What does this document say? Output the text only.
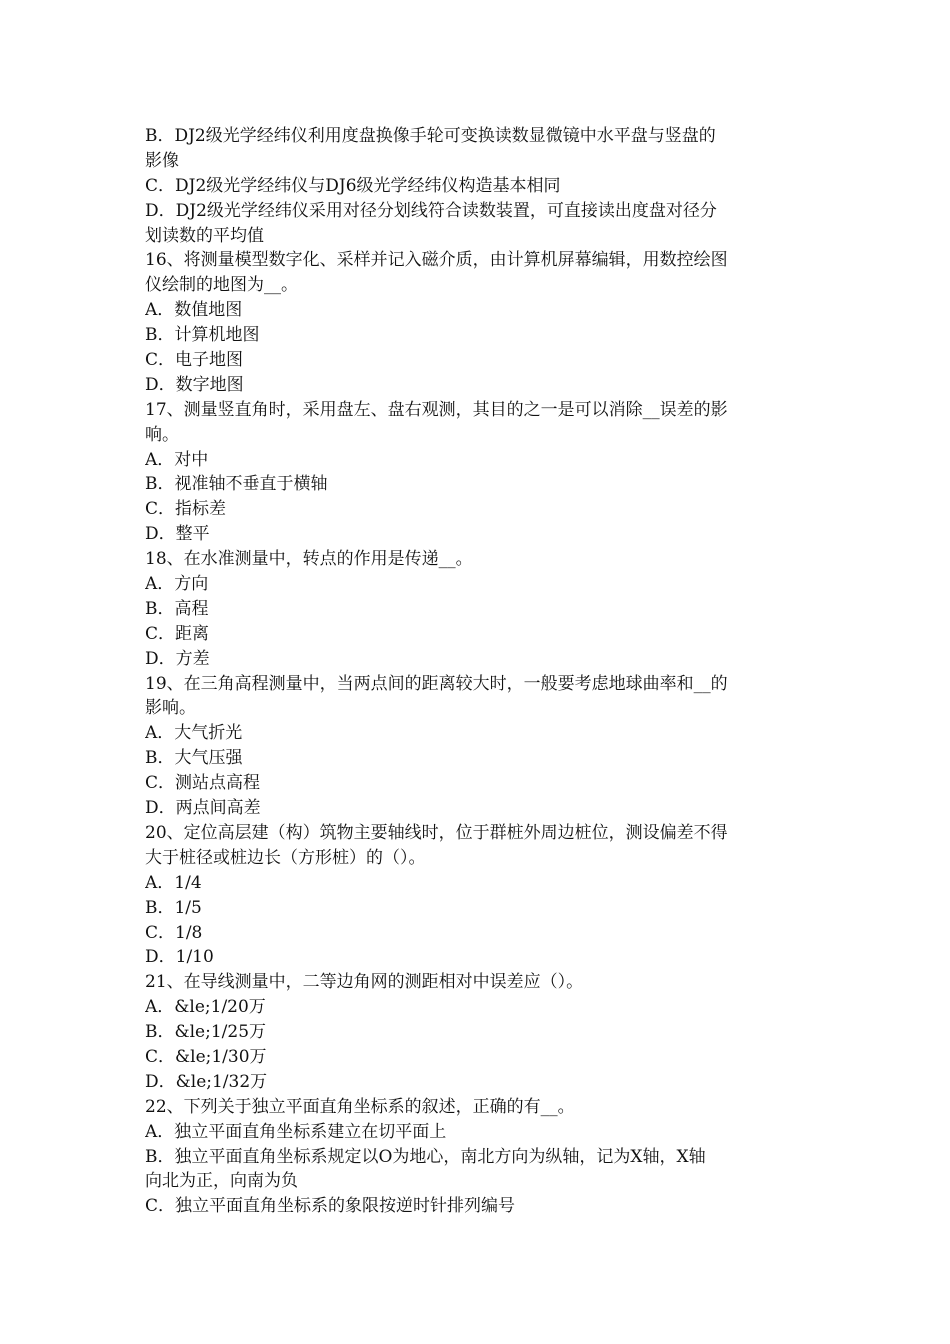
B．DJ2级光学经纬仪利用度盘换像手轮可变换读数显微镜中水平盘与竖盘的
影像
C．DJ2级光学经纬仪与DJ6级光学经纬仪构造基本相同
D．DJ2级光学经纬仪采用对径分划线符合读数装置，可直接读出度盘对径分
划读数的平均值
16、将测量模型数字化、采样并记入磁介质，由计算机屏幕编辑，用数控绘图
仪绘制的地图为__。
A．数值地图
B．计算机地图
C．电子地图
D．数字地图
17、测量竖直角时，采用盘左、盘右观测，其目的之一是可以消除__误差的影
响。
A．对中
B．视准轴不垂直于横轴
C．指标差
D．整平
18、在水准测量中，转点的作用是传递__。
A．方向
B．高程
C．距离
D．方差
19、在三角高程测量中，当两点间的距离较大时，一般要考虑地球曲率和__的
影响。
A．大气折光
B．大气压强
C．测站点高程
D．两点间高差
20、定位高层建（构）筑物主要轴线时，位于群桩外周边桩位，测设偏差不得
大于桩径或桩边长（方形桩）的（）。
A．1/4
B．1/5
C．1/8
D．1/10
21、在导线测量中，二等边角网的测距相对中误差应（）。
A．&le;1/20万
B．&le;1/25万
C．&le;1/30万
D．&le;1/32万
22、下列关于独立平面直角坐标系的叙述，正确的有__。
A．独立平面直角坐标系建立在切平面上
B．独立平面直角坐标系规定以O为地心，南北方向为纵轴，记为X轴，X轴
向北为正，向南为负
C．独立平面直角坐标系的象限按逆时针排列编号
